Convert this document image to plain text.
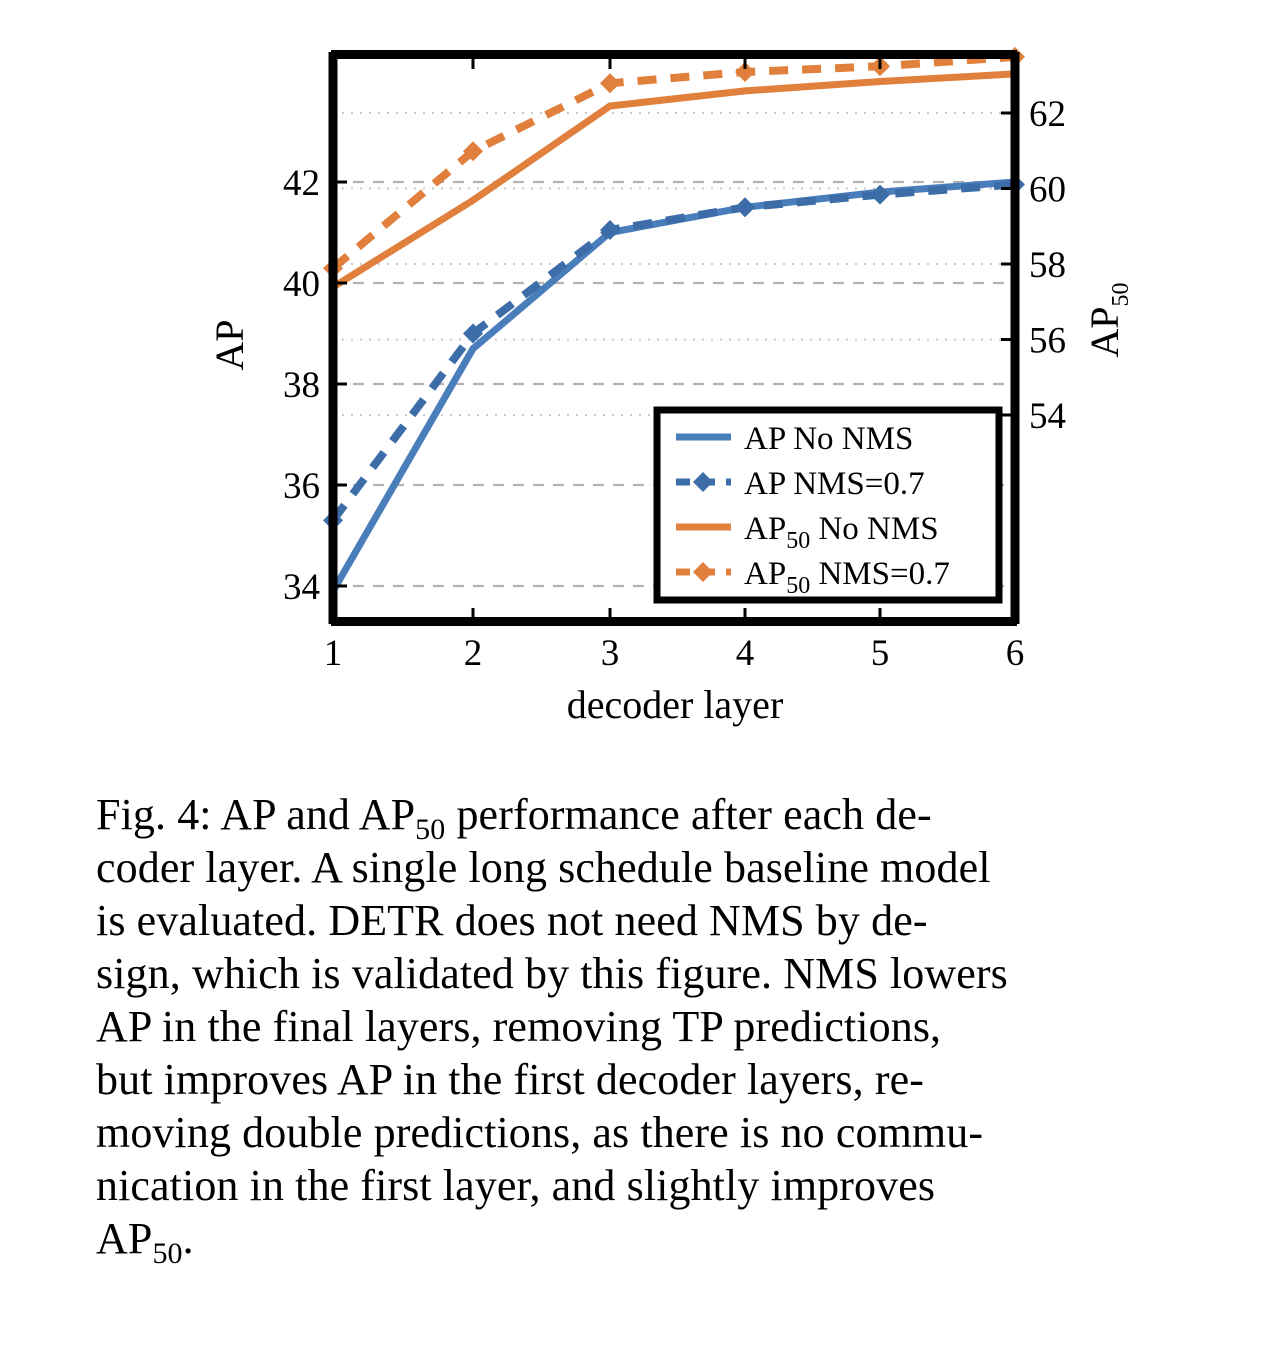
34
36
38
40
42
54
56
58
60
62
1	2	3	4	5	6
decoder layer
AP	$AP_{50}$
AP No NMS
AP NMS=0.7
$AP_{50}$ No NMS
$AP_{50}$ NMS=0.7
Fig. 4: AP and $AP_{50}$ performance after each de-
coder layer. A single long schedule baseline model
is evaluated. DETR does not need NMS by de-
sign, which is validated by this figure. NMS lowers
AP in the final layers, removing TP predictions,
but improves AP in the first decoder layers, re-
moving double predictions, as there is no commu-
nication in the first layer, and slightly improves
$AP_{50}$.
